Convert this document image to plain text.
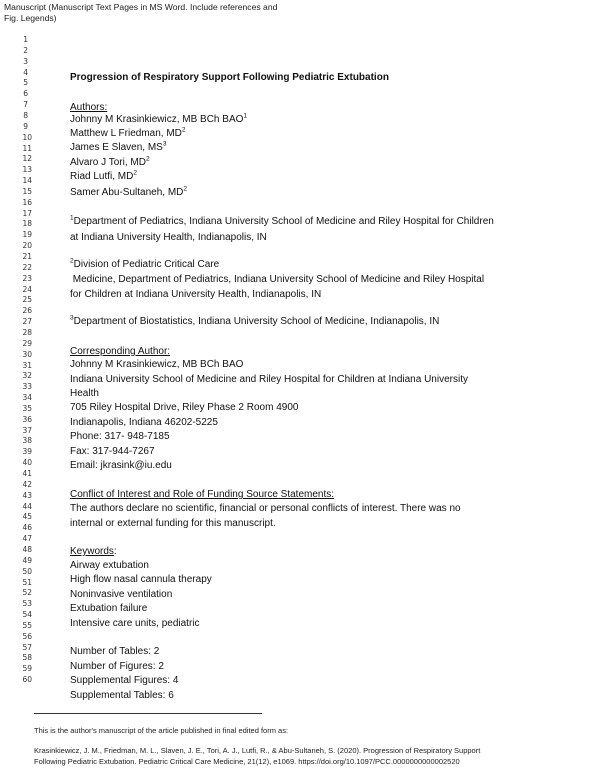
Manuscript (Manuscript Text Pages in MS Word. Include references and Fig. Legends)
1
2
3
4
5
6
7
8
9
10
11
12
13
14
15
16
17
18
19
20
21
22
23
24
25
26
27
28
29
30
31
32
33
34
35
36
37
38
39
40
41
42
43
44
45
46
47
48
49
50
51
52
53
54
55
56
57
58
59
60
Progression of Respiratory Support Following Pediatric Extubation
Authors:
Johnny M Krasinkiewicz, MB BCh BAO$^1$
Matthew L Friedman, $MD^2$
James E Slaven, $MS^3$
Alvaro J Tori, $MD^2$
Riad Lutfi, $MD^2$
Samer Abu-Sultaneh, $MD^2$
$^1$Department of Pediatrics, Indiana University School of Medicine and Riley Hospital for Children
at Indiana University Health, Indianapolis, IN
$^2$Division of Pediatric Critical Care
Medicine, Department of Pediatrics, Indiana University School of Medicine and Riley Hospital
for Children at Indiana University Health, Indianapolis, IN
$^3$Department of Biostatistics, Indiana University School of Medicine, Indianapolis, IN
Corresponding Author:
Johnny M Krasinkiewicz, MB BCh BAO
Indiana University School of Medicine and Riley Hospital for Children at Indiana University
Health
705 Riley Hospital Drive, Riley Phase 2 Room 4900
Indianapolis, Indiana 46202-5225
Phone: 317- 948-7185
Fax: 317-944-7267
Email: jkrasink@iu.edu
Conflict of Interest and Role of Funding Source Statements:
The authors declare no scientific, financial or personal conflicts of interest. There was no
internal or external funding for this manuscript.
Keywords:
Airway extubation
High flow nasal cannula therapy
Noninvasive ventilation
Extubation failure
Intensive care units, pediatric
Number of Tables: 2
Number of Figures: 2
Supplemental Figures: 4
Supplemental Tables: 6
This is the author's manuscript of the article published in final edited form as:
Krasinkiewicz, J. M., Friedman, M. L., Slaven, J. E., Tori, A. J., Lutfi, R., & Abu-Sultaneh, S. (2020). Progression of Respiratory Support
Following Pediatric Extubation. Pediatric Critical Care Medicine, 21(12), e1069. https://doi.org/10.1097/PCC.0000000000002520
